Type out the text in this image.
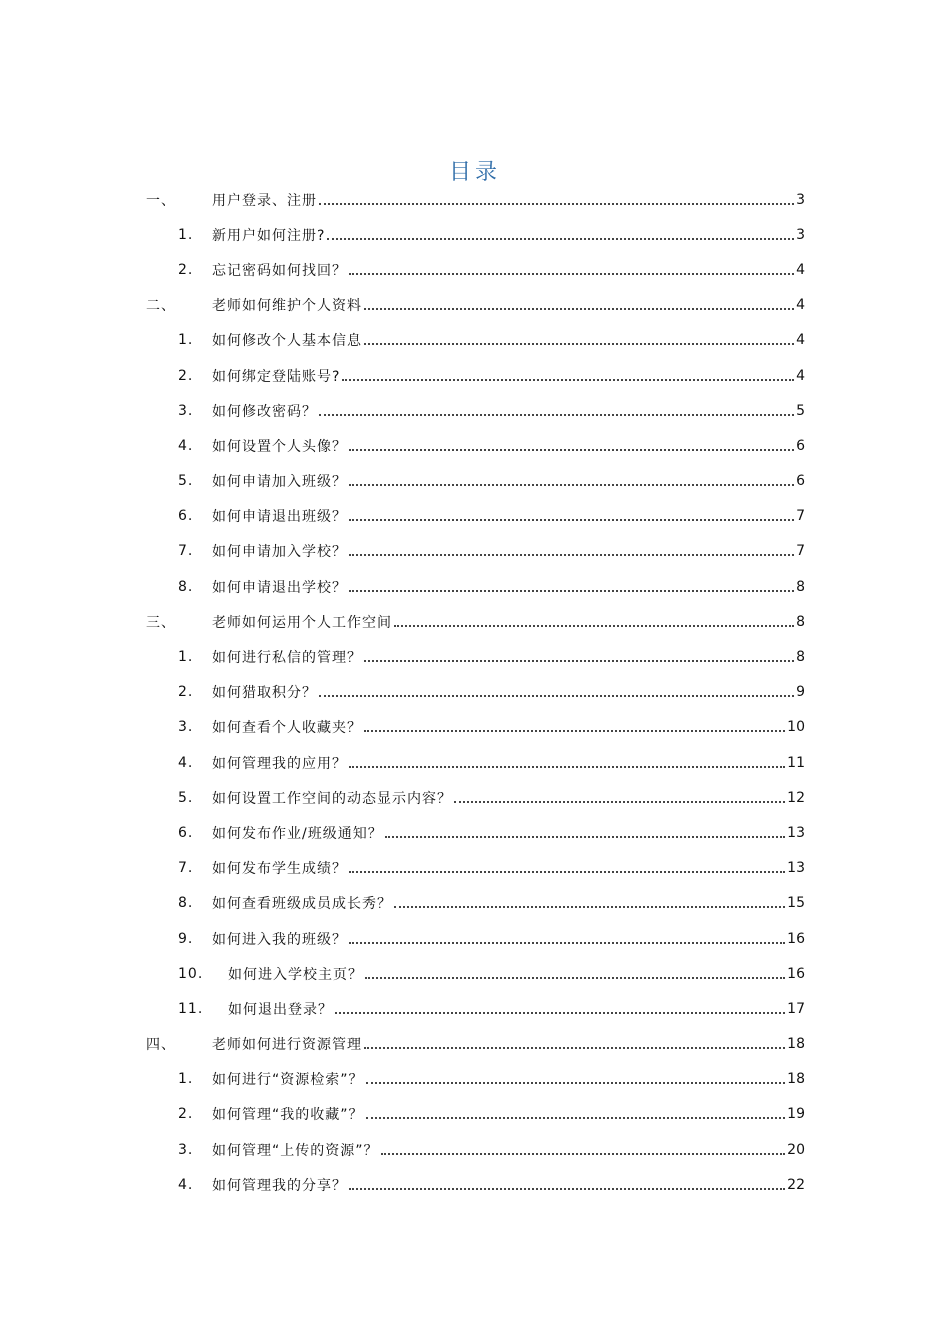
目录
一、	用户登录、注册	3
1. 新用户如何注册?	3
2. 忘记密码如何找回？	4
二、	老师如何维护个人资料	4
1. 如何修改个人基本信息	4
2. 如何绑定登陆账号?	4
3. 如何修改密码？	5
4. 如何设置个人头像？	6
5. 如何申请加入班级？	6
6. 如何申请退出班级？	7
7. 如何申请加入学校？	7
8. 如何申请退出学校？	8
三、	老师如何运用个人工作空间	8
1. 如何进行私信的管理？	8
2. 如何猎取积分？	9
3. 如何查看个人收藏夹？	10
4. 如何管理我的应用？	11
5. 如何设置工作空间的动态显示内容？	12
6. 如何发布作业/班级通知？	13
7. 如何发布学生成绩？	13
8. 如何查看班级成员成长秀？	15
9. 如何进入我的班级？	16
10. 如何进入学校主页？	16
11. 如何退出登录？	17
四、	老师如何进行资源管理	18
1. 如何进行“资源检索”？	18
2. 如何管理“我的收藏”？	19
3. 如何管理“上传的资源”？	20
4. 如何管理我的分享？	22
